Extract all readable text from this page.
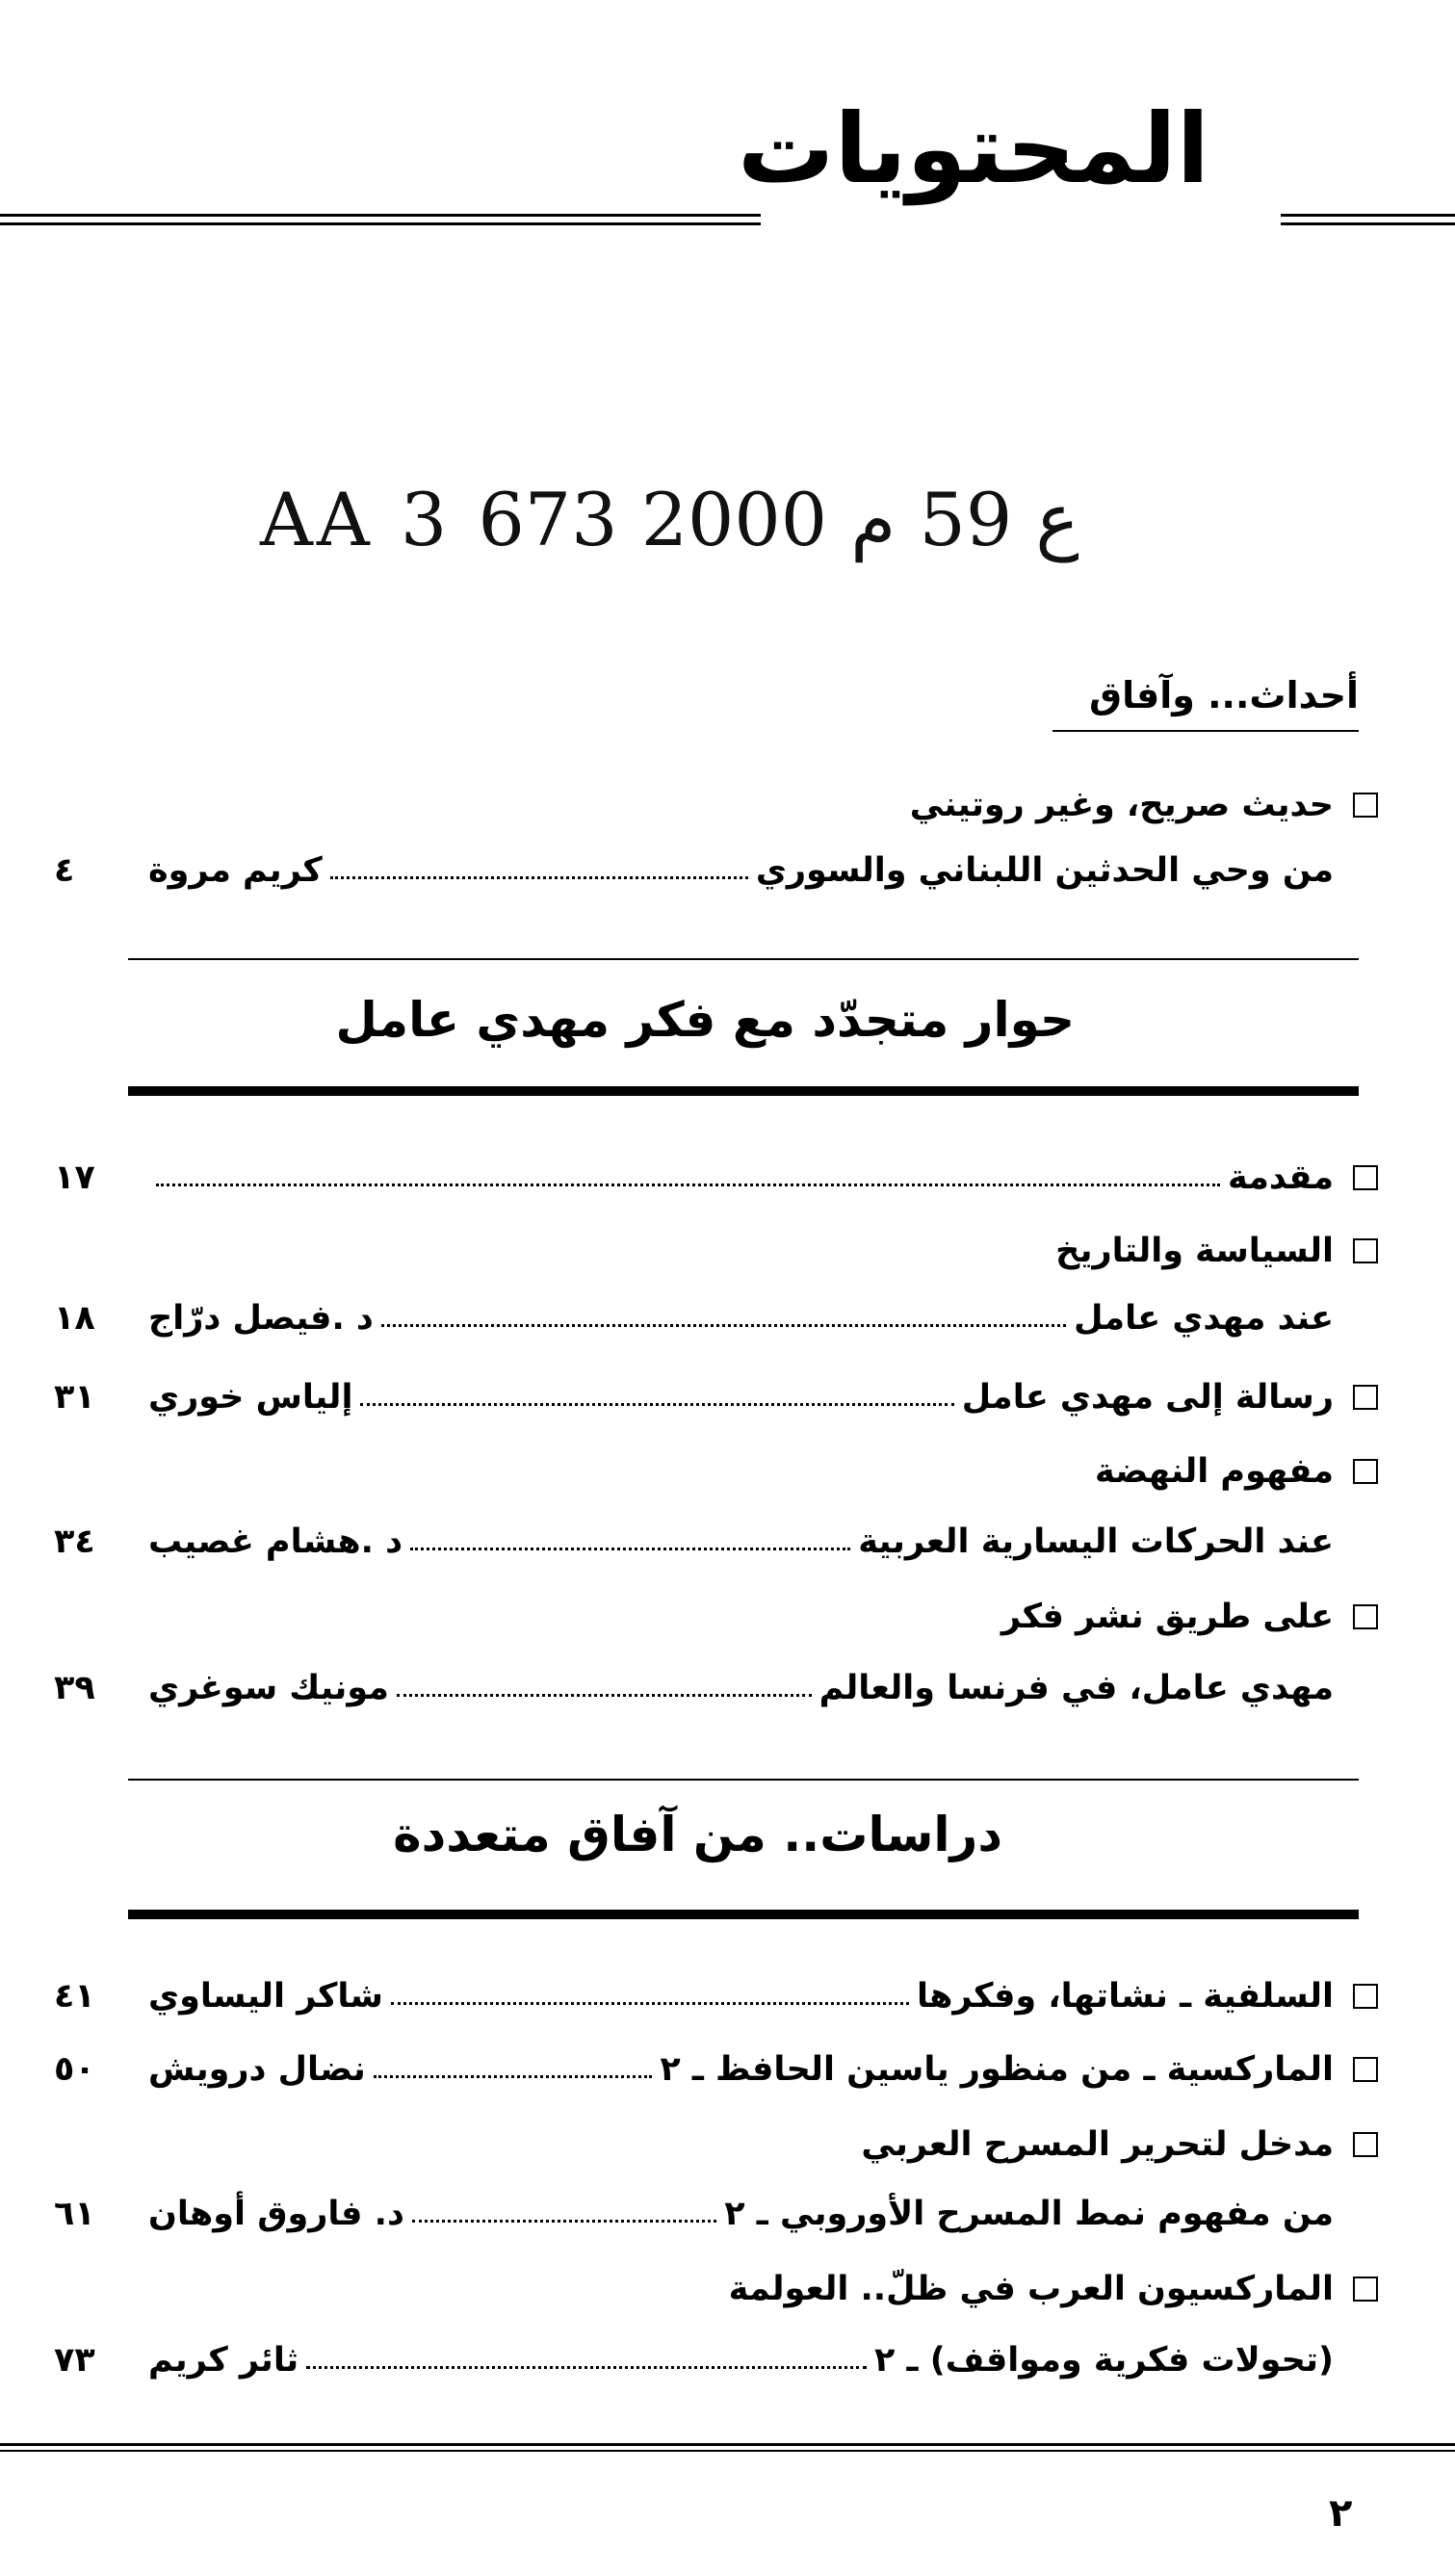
المحتويات
AA 3 ع 59 م 2000 673
أحداث... وآفاق
حديث صريح، وغير روتيني
من وحي الحدثين اللبناني والسوري
كريم مروة
٤
حوار متجدّد مع فكر مهدي عامل
مقدمة
١٧
السياسة والتاريخ
عند مهدي عامل
د .فيصل درّاج
١٨
رسالة إلى مهدي عامل
إلياس خوري
٣١
مفهوم النهضة
عند الحركات اليسارية العربية
د .هشام غصيب
٣٤
على طريق نشر فكر
مهدي عامل، في فرنسا والعالم
مونيك سوغري
٣٩
دراسات.. من آفاق متعددة
السلفية ـ نشاتها، وفكرها
شاكر اليساوي
٤١
الماركسية ـ من منظور ياسين الحافظ ـ ٢
نضال درويش
٥٠
مدخل لتحرير المسرح العربي
من مفهوم نمط المسرح الأوروبي ـ ٢
د. فاروق أوهان
٦١
الماركسيون العرب في ظلّ.. العولمة
(تحولات فكرية ومواقف) ـ ٢
ثائر كريم
٧٣
٢
